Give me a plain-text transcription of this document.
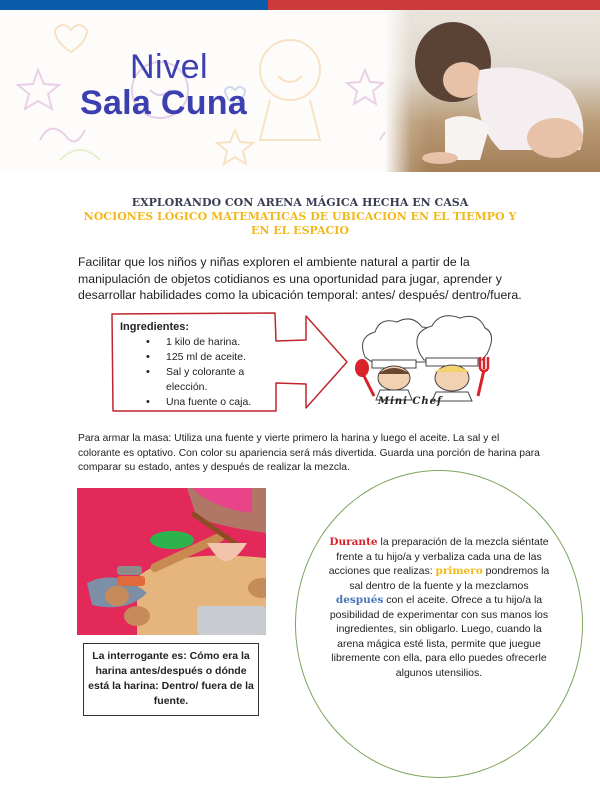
Nivel
Sala Cuna
EXPLORANDO CON ARENA MÁGICA HECHA EN CASA
NOCIONES LÓGICO MATEMATICAS DE UBICACIÓN EN EL TIEMPO Y
EN EL ESPACIO

Facilitar que los niños y niñas exploren el ambiente natural a partir de la manipulación de objetos cotidianos es una oportunidad para jugar, aprender y desarrollar habilidades como la ubicación temporal: antes/ después/ dentro/fuera.

Ingredientes:
• 1 kilo de harina.
• 125 ml de aceite.
• Sal y colorante a elección.
• Una fuente o caja.	Mini Chef

Para armar la masa: Utiliza una fuente y vierte primero la harina y luego el aceite. La sal y el colorante es optativo. Con color su apariencia será más divertida. Guarda una porción de harina para comparar su estado, antes y después de realizar la mezcla.

La interrogante es: Cómo era la harina antes/después o dónde está la harina: Dentro/ fuera de la fuente.

Durante la preparación de la mezcla siéntate frente a tu hijo/a y verbaliza cada una de las acciones que realizas: primero pondremos la sal dentro de la fuente y la mezclamos después con el aceite. Ofrece a tu hijo/a la posibilidad de experimentar con sus manos los ingredientes, sin obligarlo. Luego, cuando la arena mágica esté lista, permite que juegue libremente con ella, para ello puedes ofrecerle algunos utensilios.
